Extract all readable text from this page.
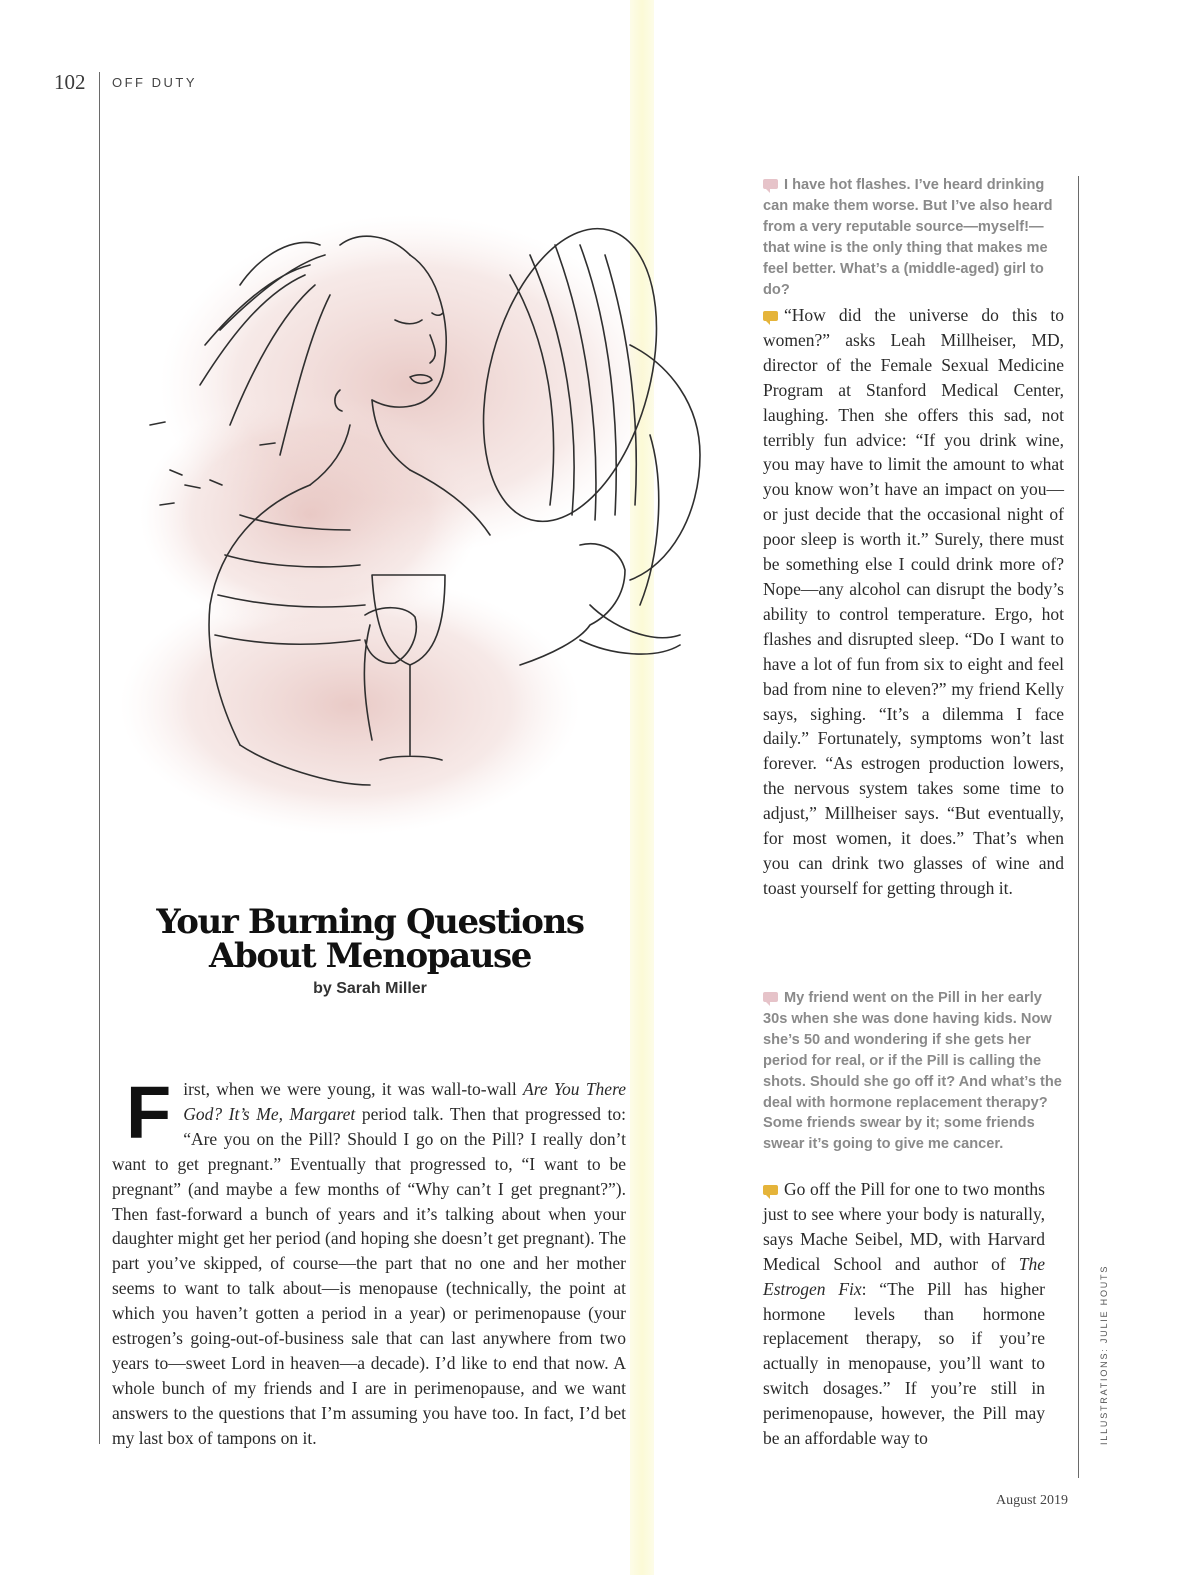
102 OFF DUTY
Your Burning Questions
About Menopause
by Sarah Miller
First, when we were young, it was wall-to-wall Are You There God? It’s Me, Margaret period talk. Then that progressed to: “Are you on the Pill? Should I go on the Pill? I really don’t want to get pregnant.” Eventually that progressed to, “I want to be pregnant” (and maybe a few months of “Why can’t I get pregnant?”). Then fast-forward a bunch of years and it’s talking about when your daughter might get her period (and hoping she doesn’t get pregnant). The part you’ve skipped, of course—the part that no one and her mother seems to want to talk about—is menopause (technically, the point at which you haven’t gotten a period in a year) or perimenopause (your estrogen’s going-out-of-business sale that can last anywhere from two years to—sweet Lord in heaven—a decade). I’d like to end that now. A whole bunch of my friends and I are in perimenopause, and we want answers to the questions that I’m assuming you have too. In fact, I’d bet my last box of tampons on it.
I have hot flashes. I’ve heard drinking can make them worse. But I’ve also heard from a very reputable source—myself!—that wine is the only thing that makes me feel better. What’s a (middle-aged) girl to do?
“How did the universe do this to women?” asks Leah Millheiser, MD, director of the Female Sexual Medicine Program at Stanford Medical Center, laughing. Then she offers this sad, not terribly fun advice: “If you drink wine, you may have to limit the amount to what you know won’t have an impact on you—or just decide that the occasional night of poor sleep is worth it.” Surely, there must be something else I could drink more of? Nope—any alcohol can disrupt the body’s ability to control temperature. Ergo, hot flashes and disrupted sleep. “Do I want to have a lot of fun from six to eight and feel bad from nine to eleven?” my friend Kelly says, sighing. “It’s a dilemma I face daily.” Fortunately, symptoms won’t last forever. “As estrogen production lowers, the nervous system takes some time to adjust,” Millheiser says. “But eventually, for most women, it does.” That’s when you can drink two glasses of wine and toast yourself for getting through it.
My friend went on the Pill in her early 30s when she was done having kids. Now she’s 50 and wondering if she gets her period for real, or if the Pill is calling the shots. Should she go off it? And what’s the deal with hormone replacement therapy? Some friends swear by it; some friends swear it’s going to give me cancer.
Go off the Pill for one to two months just to see where your body is naturally, says Mache Seibel, MD, with Harvard Medical School and author of The Estrogen Fix: “The Pill has higher hormone levels than hormone replacement therapy, so if you’re actually in menopause, you’ll want to switch dosages.” If you’re still in perimenopause, however, the Pill may be an affordable way to	ILLUSTRATIONS: JULIE HOUTS
August 2019
